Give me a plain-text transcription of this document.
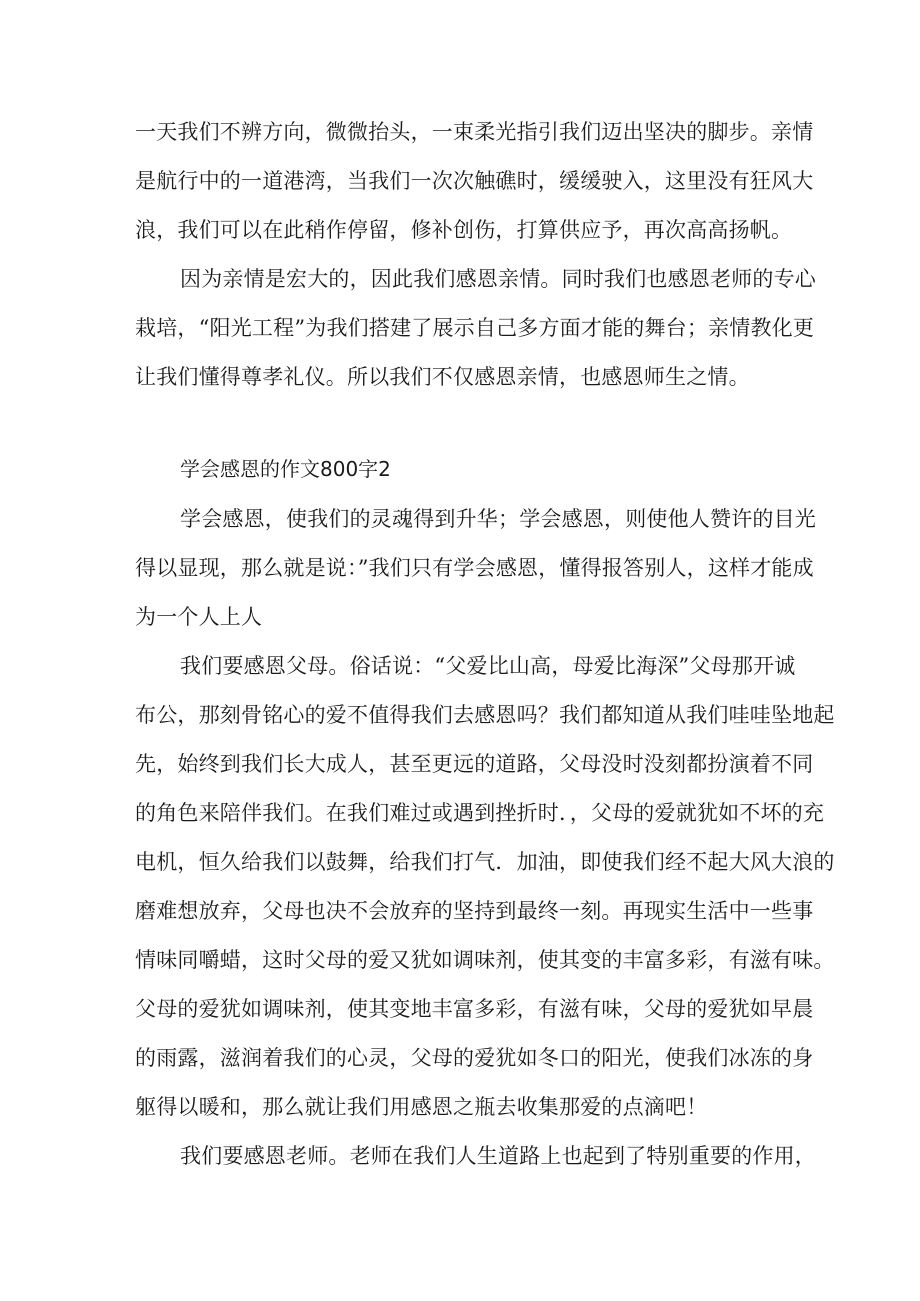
一天我们不辨方向，微微抬头，一束柔光指引我们迈出坚决的脚步。亲情
是航行中的一道港湾，当我们一次次触礁时，缓缓驶入，这里没有狂风大
浪，我们可以在此稍作停留，修补创伤，打算供应予，再次高高扬帆。
因为亲情是宏大的，因此我们感恩亲情。同时我们也感恩老师的专心
栽培，“阳光工程”为我们搭建了展示自己多方面才能的舞台；亲情教化更
让我们懂得尊孝礼仪。所以我们不仅感恩亲情，也感恩师生之情。
学会感恩的作文800字2
学会感恩，使我们的灵魂得到升华；学会感恩，则使他人赞许的目光
得以显现，那么就是说：”我们只有学会感恩，懂得报答别人，这样才能成
为一个人上人
我们要感恩父母。俗话说：“父爱比山高，母爱比海深”父母那开诚
布公，那刻骨铭心的爱不值得我们去感恩吗？我们都知道从我们哇哇坠地起
先，始终到我们长大成人，甚至更远的道路，父母没时没刻都扮演着不同
的角色来陪伴我们。在我们难过或遇到挫折时．，父母的爱就犹如不坏的充
电机，恒久给我们以鼓舞，给我们打气．加油，即使我们经不起大风大浪的
磨难想放弃，父母也决不会放弃的坚持到最终一刻。再现实生活中一些事
情味同嚼蜡，这时父母的爱又犹如调味剂，使其变的丰富多彩，有滋有味。
父母的爱犹如调味剂，使其变地丰富多彩，有滋有味，父母的爱犹如早晨
的雨露，滋润着我们的心灵，父母的爱犹如冬口的阳光，使我们冰冻的身
躯得以暖和，那么就让我们用感恩之瓶去收集那爱的点滴吧！
我们要感恩老师。老师在我们人生道路上也起到了特别重要的作用，
